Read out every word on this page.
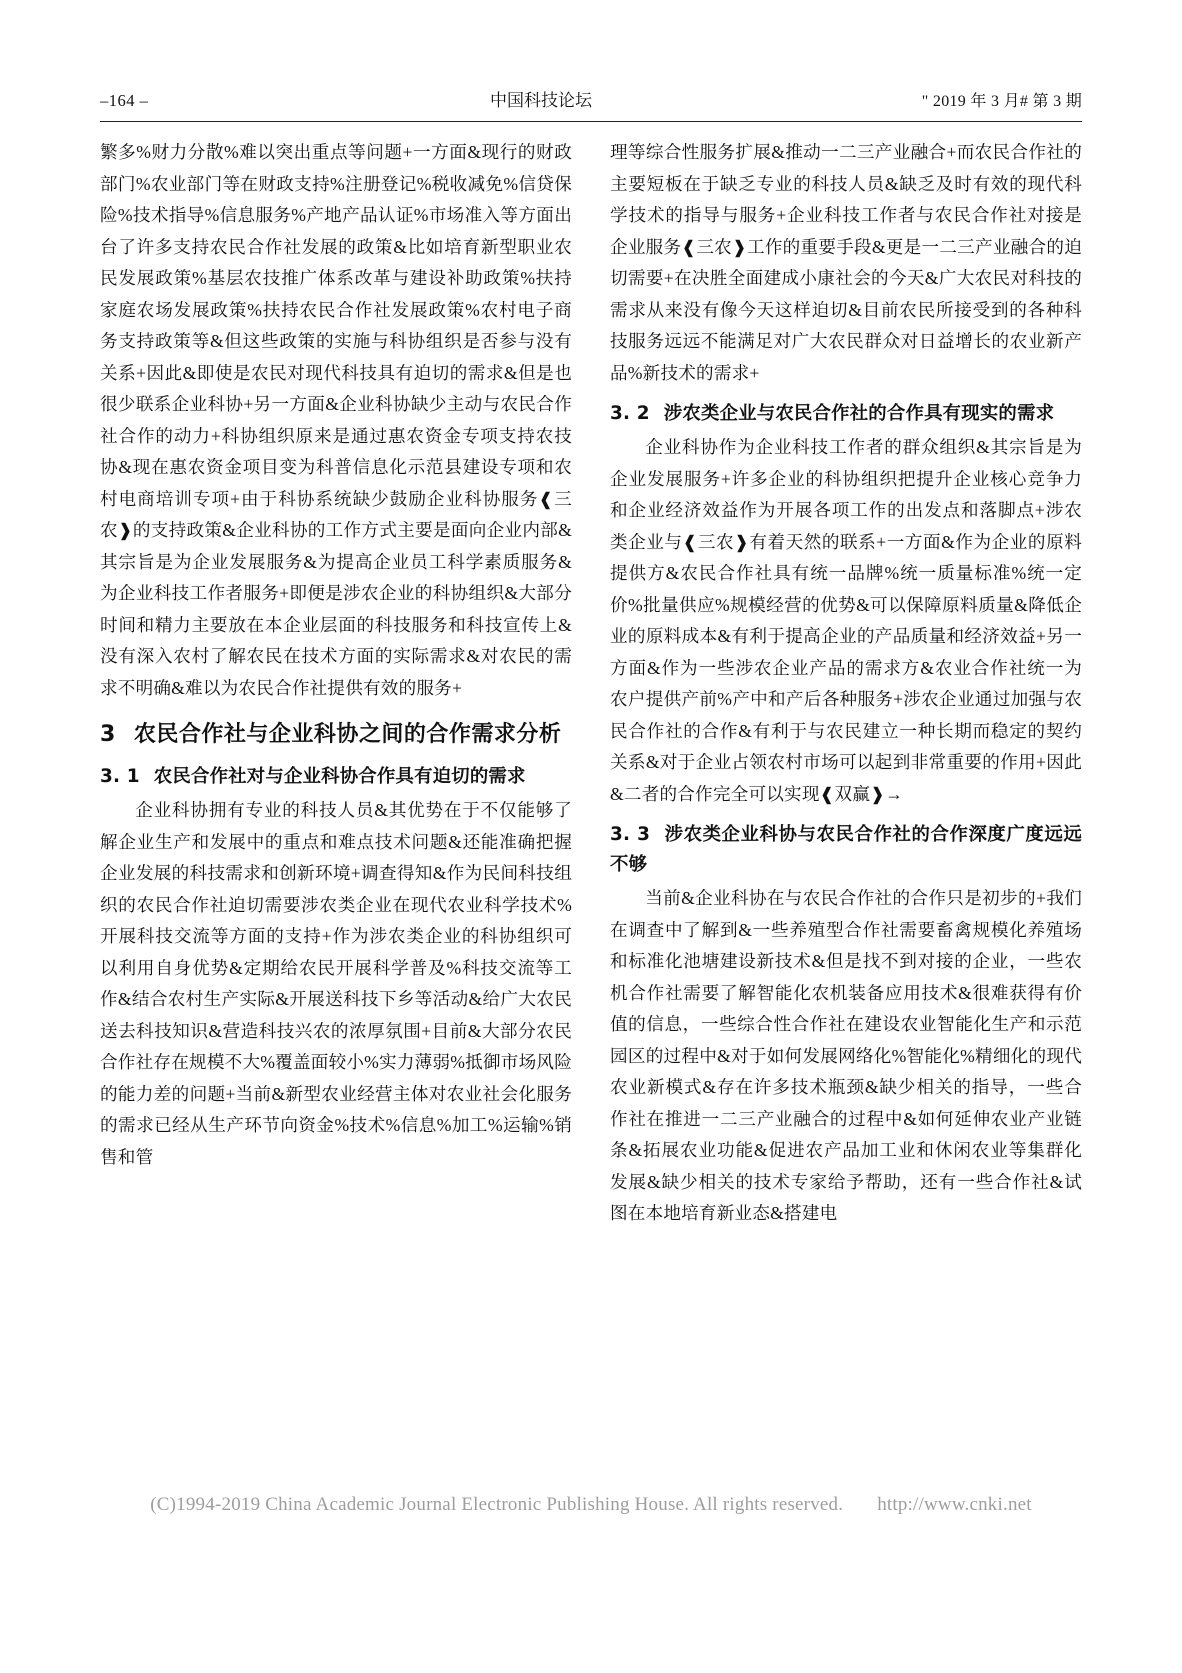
–164 –	中国科技论坛	" 2019 年 3 月# 第 3 期

繁多%财力分散%难以突出重点等问题+一方面&现行的财政部门%农业部门等在财政支持%注册登记%税收减免%信贷保险%技术指导%信息服务%产地产品认证%市场准入等方面出台了许多支持农民合作社发展的政策&比如培育新型职业农民发展政策%基层农技推广体系改革与建设补助政策%扶持家庭农场发展政策%扶持农民合作社发展政策%农村电子商务支持政策等&但这些政策的实施与科协组织是否参与没有关系+因此&即使是农民对现代科技具有迫切的需求&但是也很少联系企业科协+另一方面&企业科协缺少主动与农民合作社合作的动力+科协组织原来是通过惠农资金专项支持农技协&现在惠农资金项目变为科普信息化示范县建设专项和农村电商培训专项+由于科协系统缺少鼓励企业科协服务❰三农❱的支持政策&企业科协的工作方式主要是面向企业内部&其宗旨是为企业发展服务&为提高企业员工科学素质服务&为企业科技工作者服务+即便是涉农企业的科协组织&大部分时间和精力主要放在本企业层面的科技服务和科技宣传上&没有深入农村了解农民在技术方面的实际需求&对农民的需求不明确&难以为农民合作社提供有效的服务+

3 农民合作社与企业科协之间的合作需求分析
3. 1 农民合作社对与企业科协合作具有迫切的需求

企业科协拥有专业的科技人员&其优势在于不仅能够了解企业生产和发展中的重点和难点技术问题&还能准确把握企业发展的科技需求和创新环境+调查得知&作为民间科技组织的农民合作社迫切需要涉农类企业在现代农业科学技术%开展科技交流等方面的支持+作为涉农类企业的科协组织可以利用自身优势&定期给农民开展科学普及%科技交流等工作&结合农村生产实际&开展送科技下乡等活动&给广大农民送去科技知识&营造科技兴农的浓厚氛围+目前&大部分农民合作社存在规模不大%覆盖面较小%实力薄弱%抵御市场风险的能力差的问题+当前&新型农业经营主体对农业社会化服务的需求已经从生产环节向资金%技术%信息%加工%运输%销售和管

理等综合性服务扩展&推动一二三产业融合+而农民合作社的主要短板在于缺乏专业的科技人员&缺乏及时有效的现代科学技术的指导与服务+企业科技工作者与农民合作社对接是企业服务❰三农❱工作的重要手段&更是一二三产业融合的迫切需要+在决胜全面建成小康社会的今天&广大农民对科技的需求从来没有像今天这样迫切&目前农民所接受到的各种科技服务远远不能满足对广大农民群众对日益增长的农业新产品%新技术的需求+

3. 2 涉农类企业与农民合作社的合作具有现实的需求

企业科协作为企业科技工作者的群众组织&其宗旨是为企业发展服务+许多企业的科协组织把提升企业核心竞争力和企业经济效益作为开展各项工作的出发点和落脚点+涉农类企业与❰三农❱有着天然的联系+一方面&作为企业的原料提供方&农民合作社具有统一品牌%统一质量标准%统一定价%批量供应%规模经营的优势&可以保障原料质量&降低企业的原料成本&有利于提高企业的产品质量和经济效益+另一方面&作为一些涉农企业产品的需求方&农业合作社统一为农户提供产前%产中和产后各种服务+涉农企业通过加强与农民合作社的合作&有利于与农民建立一种长期而稳定的契约关系&对于企业占领农村市场可以起到非常重要的作用+因此&二者的合作完全可以实现❰双赢❱→

3. 3 涉农类企业科协与农民合作社的合作深度广度远远不够

当前&企业科协在与农民合作社的合作只是初步的+我们在调查中了解到&一些养殖型合作社需要畜禽规模化养殖场和标准化池塘建设新技术&但是找不到对接的企业，一些农机合作社需要了解智能化农机装备应用技术&很难获得有价值的信息，一些综合性合作社在建设农业智能化生产和示范园区的过程中&对于如何发展网络化%智能化%精细化的现代农业新模式&存在许多技术瓶颈&缺少相关的指导，一些合作社在推进一二三产业融合的过程中&如何延伸农业产业链条&拓展农业功能&促进农产品加工业和休闲农业等集群化发展&缺少相关的技术专家给予帮助，还有一些合作社&试图在本地培育新业态&搭建电

(C)1994-2019 China Academic Journal Electronic Publishing House. All rights reserved. http://www.cnki.net
